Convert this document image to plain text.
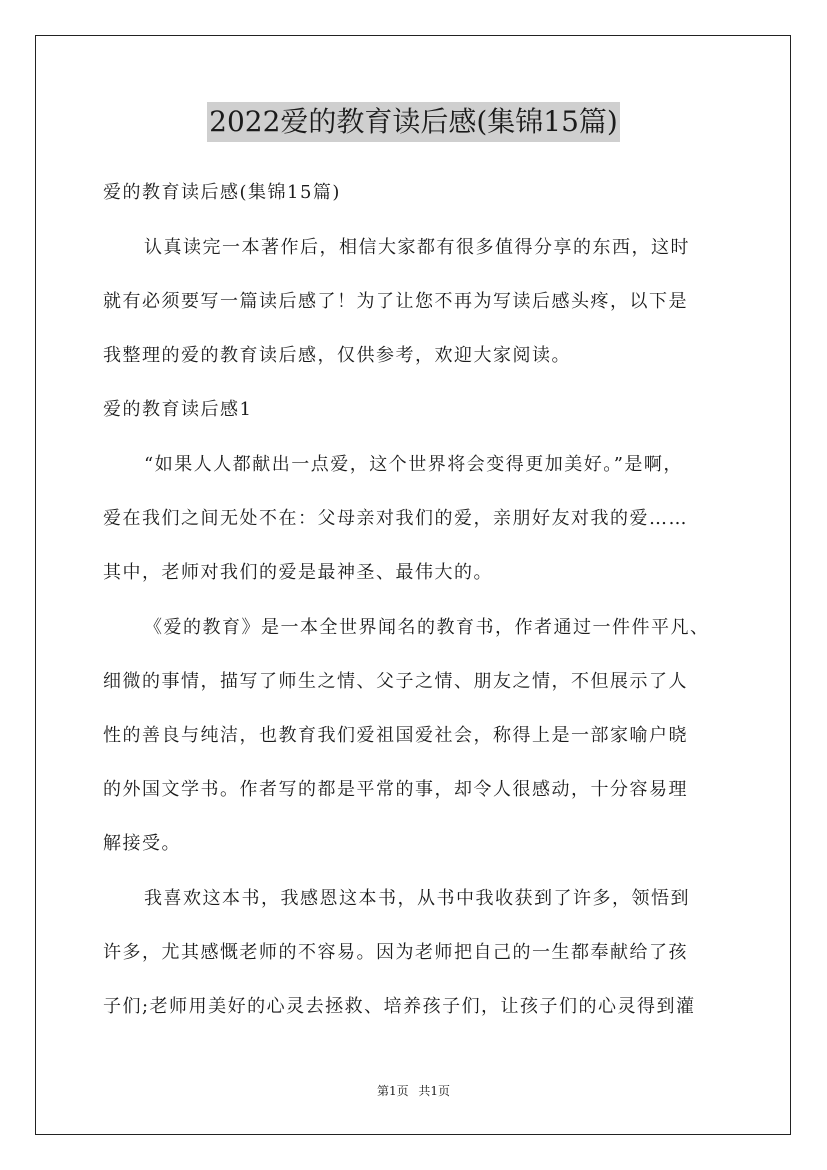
2022爱的教育读后感(集锦15篇)
爱的教育读后感(集锦15篇)
认真读完一本著作后，相信大家都有很多值得分享的东西，这时
就有必须要写一篇读后感了！为了让您不再为写读后感头疼，以下是
我整理的爱的教育读后感，仅供参考，欢迎大家阅读。
爱的教育读后感1
“如果人人都献出一点爱，这个世界将会变得更加美好。”是啊，
爱在我们之间无处不在：父母亲对我们的爱，亲朋好友对我的爱……
其中，老师对我们的爱是最神圣、最伟大的。
《爱的教育》是一本全世界闻名的教育书，作者通过一件件平凡、
细微的事情，描写了师生之情、父子之情、朋友之情，不但展示了人
性的善良与纯洁，也教育我们爱祖国爱社会，称得上是一部家喻户晓
的外国文学书。作者写的都是平常的事，却令人很感动，十分容易理
解接受。
我喜欢这本书，我感恩这本书，从书中我收获到了许多，领悟到
许多，尤其感慨老师的不容易。因为老师把自己的一生都奉献给了孩
子们;老师用美好的心灵去拯救、培养孩子们，让孩子们的心灵得到灌
第1页 共1页
